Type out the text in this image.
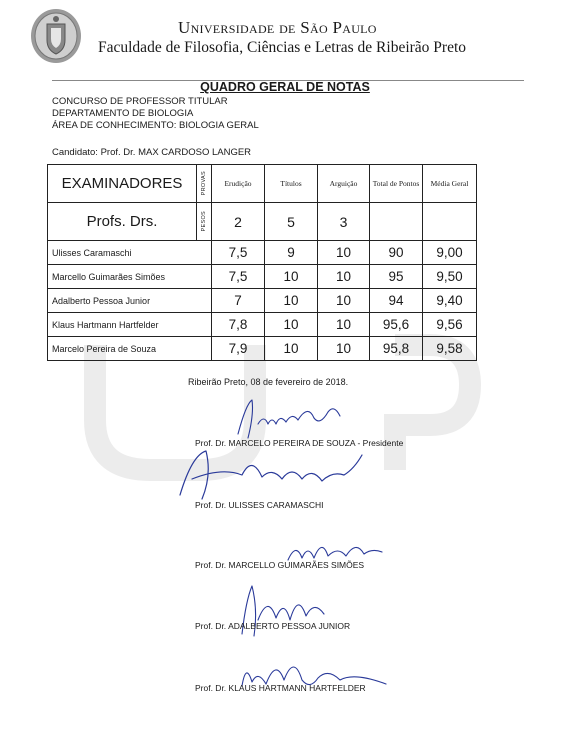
Universidade de São Paulo
Faculdade de Filosofia, Ciências e Letras de Ribeirão Preto
QUADRO GERAL DE NOTAS
CONCURSO DE PROFESSOR TITULAR
DEPARTAMENTO DE BIOLOGIA
ÁREA DE CONHECIMENTO: BIOLOGIA GERAL
Candidato: Prof. Dr. MAX CARDOSO LANGER
EXAMINADORES	PROVAS	Erudição	Títulos	Arguição	Total de Pontos	Média Geral
Profs. Drs.	PESOS	2	5	3		
Ulisses Caramaschi		7,5	9	10	90	9,00
Marcello Guimarães Simões		7,5	10	10	95	9,50
Adalberto Pessoa Junior		7	10	10	94	9,40
Klaus Hartmann Hartfelder		7,8	10	10	95,6	9,56
Marcelo Pereira de Souza		7,9	10	10	95,8	9,58
Ribeirão Preto, 08 de fevereiro de 2018.
Prof. Dr. MARCELO PEREIRA DE SOUZA - Presidente
Prof. Dr. ULISSES CARAMASCHI
Prof. Dr. MARCELLO GUIMARÃES SIMÕES
Prof. Dr. ADALBERTO PESSOA JUNIOR
Prof. Dr. KLAUS HARTMANN HARTFELDER
